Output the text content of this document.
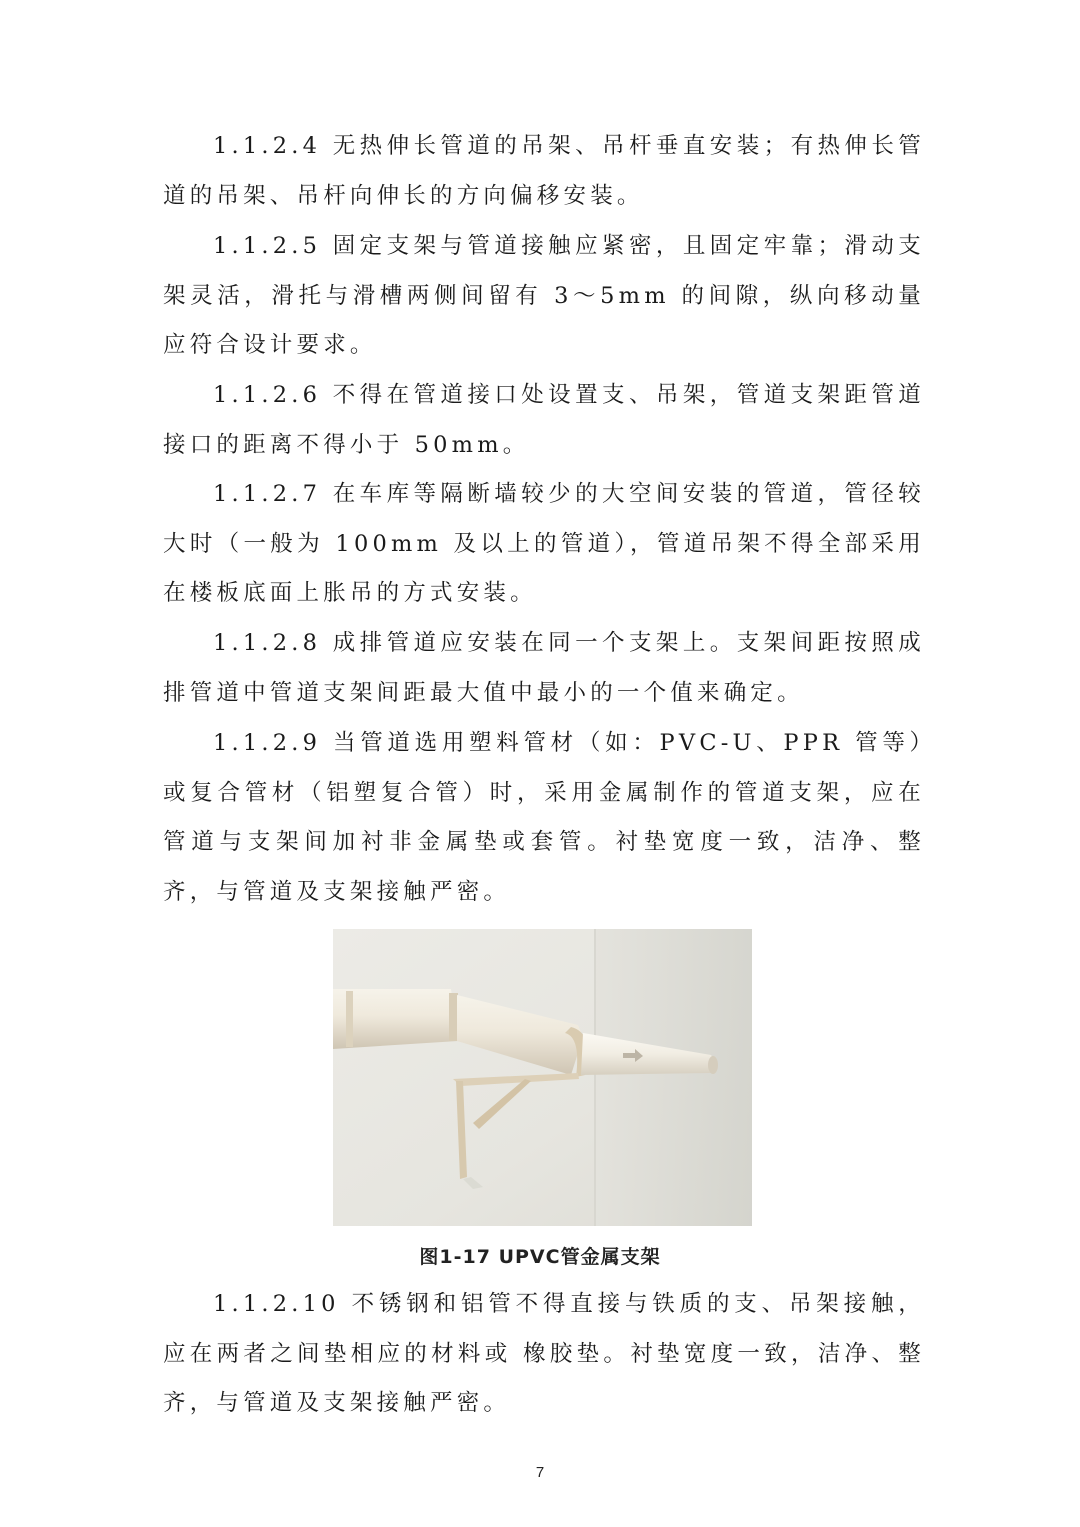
1.1.2.4 无热伸长管道的吊架、吊杆垂直安装；有热伸长管道的吊架、吊杆向伸长的方向偏移安装。

1.1.2.5 固定支架与管道接触应紧密，且固定牢靠；滑动支架灵活，滑托与滑槽两侧间留有 3～5mm 的间隙，纵向移动量应符合设计要求。

1.1.2.6 不得在管道接口处设置支、吊架，管道支架距管道接口的距离不得小于 50mm。

1.1.2.7 在车库等隔断墙较少的大空间安装的管道，管径较大时（一般为 100mm 及以上的管道），管道吊架不得全部采用在楼板底面上胀吊的方式安装。

1.1.2.8 成排管道应安装在同一个支架上。支架间距按照成排管道中管道支架间距最大值中最小的一个值来确定。

1.1.2.9 当管道选用塑料管材（如：PVC-U、PPR 管等）或复合管材（铝塑复合管）时，采用金属制作的管道支架，应在管道与支架间加衬非金属垫或套管。衬垫宽度一致，洁净、整齐，与管道及支架接触严密。

图1-17 UPVC管金属支架

1.1.2.10 不锈钢和铝管不得直接与铁质的支、吊架接触，应在两者之间垫相应的材料或 橡胶垫。衬垫宽度一致，洁净、整齐，与管道及支架接触严密。

7
